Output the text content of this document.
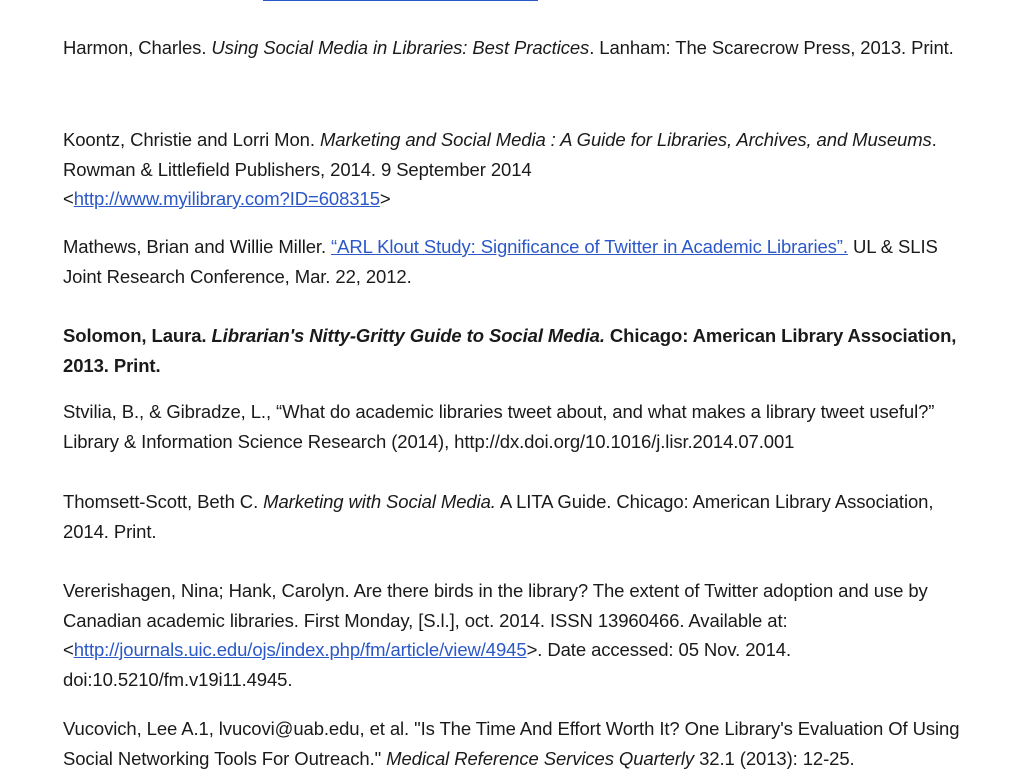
Harmon, Charles. Using Social Media in Libraries: Best Practices. Lanham: The Scarecrow Press, 2013. Print.

Koontz, Christie and Lorri Mon. Marketing and Social Media : A Guide for Libraries, Archives, and Museums. Rowman & Littlefield Publishers, 2014. 9 September 2014
<http://www.myilibrary.com?ID=608315>

Mathews, Brian and Willie Miller. “ARL Klout Study: Significance of Twitter in Academic Libraries”. UL & SLIS Joint Research Conference, Mar. 22, 2012.

Solomon, Laura. Librarian's Nitty-Gritty Guide to Social Media. Chicago: American Library Association, 2013. Print.

Stvilia, B., & Gibradze, L., “What do academic libraries tweet about, and what makes a library tweet useful?” Library & Information Science Research (2014), http://dx.doi.org/10.1016/j.lisr.2014.07.001

Thomsett-Scott, Beth C. Marketing with Social Media. A LITA Guide. Chicago: American Library Association, 2014. Print.

Vererishagen, Nina; Hank, Carolyn. Are there birds in the library? The extent of Twitter adoption and use by Canadian academic libraries. First Monday, [S.l.], oct. 2014. ISSN 13960466. Available at: <http://journals.uic.edu/ojs/index.php/fm/article/view/4945>. Date accessed: 05 Nov. 2014. doi:10.5210/fm.v19i11.4945.

Vucovich, Lee A.1, lvucovi@uab.edu, et al. "Is The Time And Effort Worth It? One Library's Evaluation Of Using Social Networking Tools For Outreach." Medical Reference Services Quarterly 32.1 (2013): 12-25.
